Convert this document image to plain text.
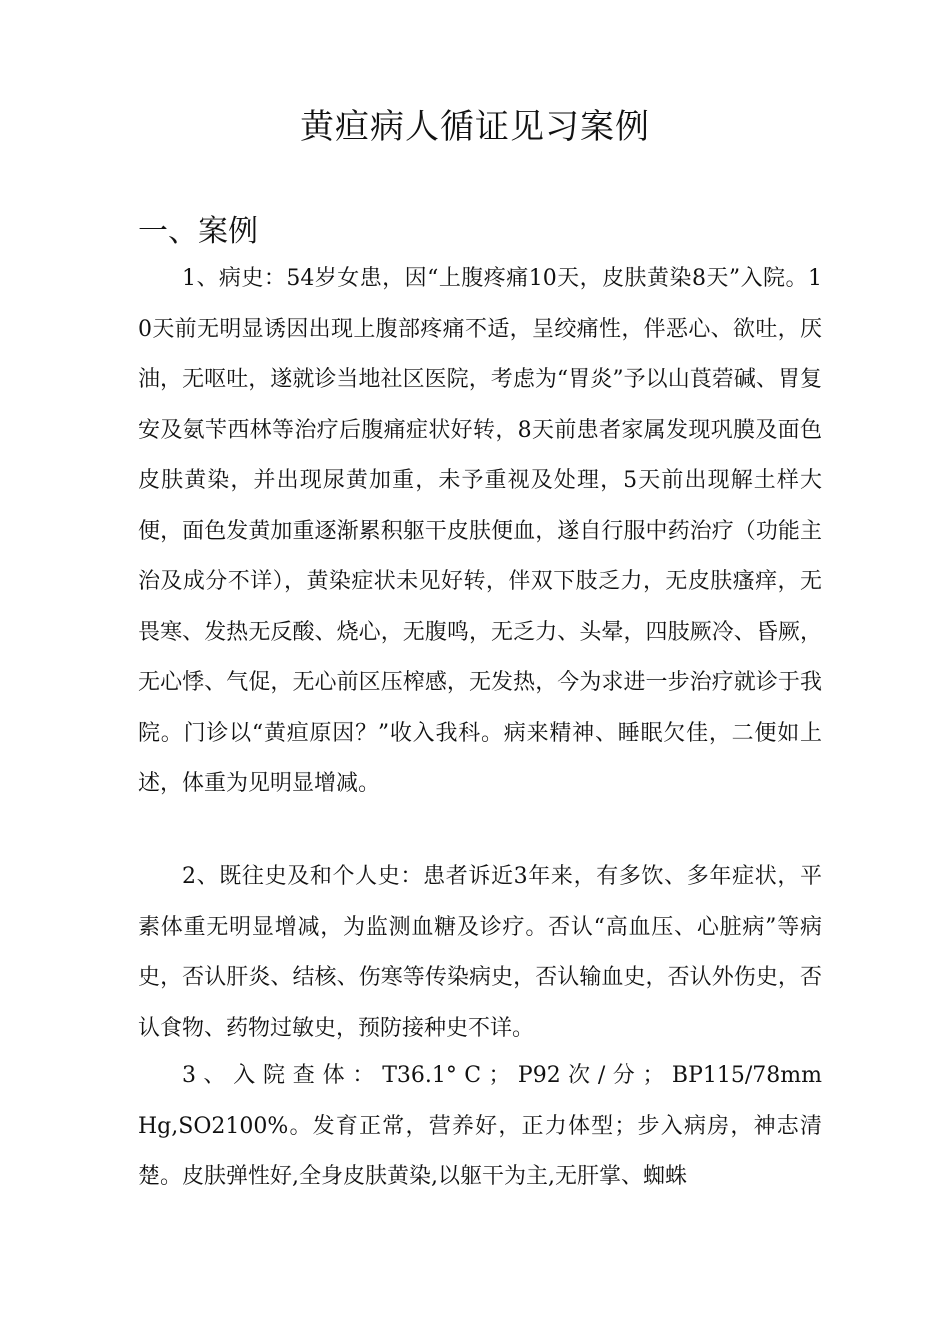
黄疸病人循证见习案例
一、案例

1、病史：54岁女患，因“上腹疼痛10天，皮肤黄染8天”入院。10天前无明显诱因出现上腹部疼痛不适，呈绞痛性，伴恶心、欲吐，厌油，无呕吐，遂就诊当地社区医院，考虑为“胃炎”予以山莨菪碱、胃复安及氨苄西林等治疗后腹痛症状好转，8天前患者家属发现巩膜及面色皮肤黄染，并出现尿黄加重，未予重视及处理，5天前出现解土样大便，面色发黄加重逐渐累积躯干皮肤便血，遂自行服中药治疗（功能主治及成分不详），黄染症状未见好转，伴双下肢乏力，无皮肤瘙痒，无畏寒、发热无反酸、烧心，无腹鸣，无乏力、头晕，四肢厥冷、昏厥，无心悸、气促，无心前区压榨感，无发热，今为求进一步治疗就诊于我院。门诊以“黄疸原因？”收入我科。病来精神、睡眠欠佳，二便如上述，体重为见明显增减。

2、既往史及和个人史：患者诉近3年来，有多饮、多年症状，平素体重无明显增减，为监测血糖及诊疗。否认“高血压、心脏病”等病史，否认肝炎、结核、伤寒等传染病史，否认输血史，否认外伤史，否认食物、药物过敏史，预防接种史不详。

3 、 入 院 查 体 ： T36.1° C ； P92 次 / 分 ； BP115/78mmHg,SO2100%。发育正常，营养好，正力体型；步入病房，神志清楚。皮肤弹性好,全身皮肤黄染,以躯干为主,无肝掌、蜘蛛
